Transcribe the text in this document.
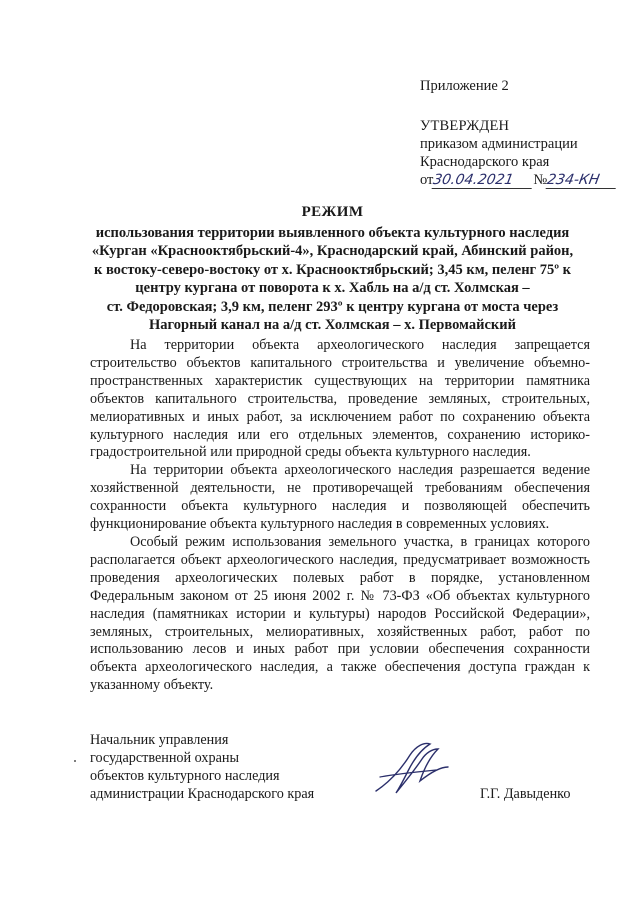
Приложение 2
УТВЕРЖДЕН
приказом администрации
Краснодарского края
от30.04.2021 №234-КН
РЕЖИМ
использования территории выявленного объекта культурного наследия
«Курган «Краснооктябрьский-4», Краснодарский край, Абинский район,
к востоку-северо-востоку от х. Краснооктябрьский; 3,45 км, пеленг 75º к
центру кургана от поворота к х. Хабль на а/д ст. Холмская –
ст. Федоровская; 3,9 км, пеленг 293º к центру кургана от моста через
Нагорный канал на а/д ст. Холмская – х. Первомайский

На территории объекта археологического наследия запрещается строительство объектов капитального строительства и увеличение объемно-пространственных характеристик существующих на территории памятника объектов капитального строительства, проведение земляных, строительных, мелиоративных и иных работ, за исключением работ по сохранению объекта культурного наследия или его отдельных элементов, сохранению историко-градостроительной или природной среды объекта культурного наследия.

На территории объекта археологического наследия разрешается ведение хозяйственной деятельности, не противоречащей требованиям обеспечения сохранности объекта культурного наследия и позволяющей обеспечить функционирование объекта культурного наследия в современных условиях.

Особый режим использования земельного участка, в границах которого располагается объект археологического наследия, предусматривает возможность проведения археологических полевых работ в порядке, установленном Федеральным законом от 25 июня 2002 г. № 73-ФЗ «Об объектах культурного наследия (памятниках истории и культуры) народов Российской Федерации», земляных, строительных, мелиоративных, хозяйственных работ, работ по использованию лесов и иных работ при условии обеспечения сохранности объекта археологического наследия, а также обеспечения доступа граждан к указанному объекту.

Начальник управления
государственной охраны
объектов культурного наследия
администрации Краснодарского края	Г.Г. Давыденко
